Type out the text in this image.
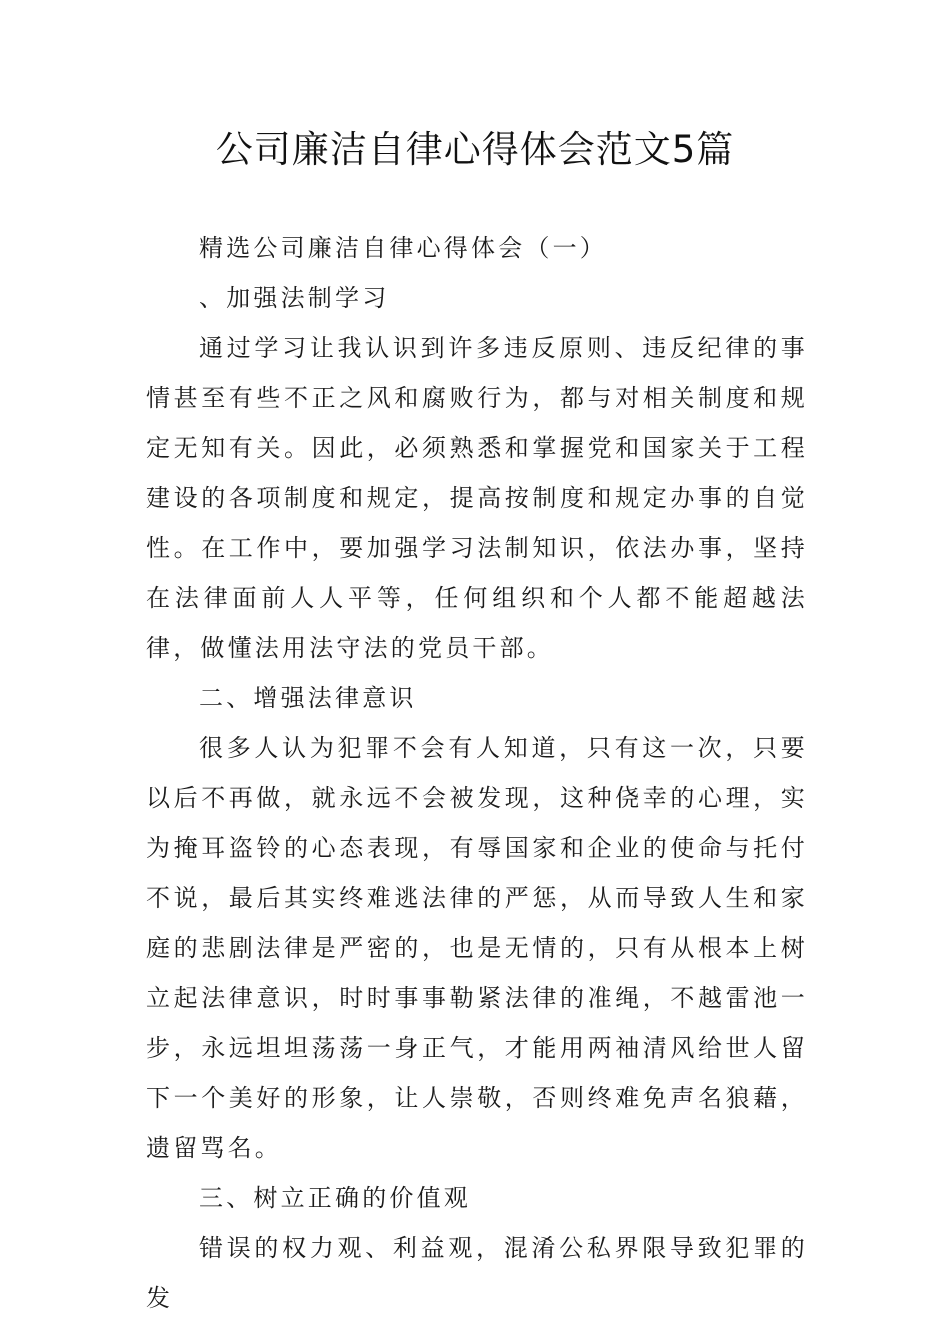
公司廉洁自律心得体会范文5篇

精选公司廉洁自律心得体会（一）

、加强法制学习

通过学习让我认识到许多违反原则、违反纪律的事情甚至有些不正之风和腐败行为，都与对相关制度和规定无知有关。因此，必须熟悉和掌握党和国家关于工程建设的各项制度和规定，提高按制度和规定办事的自觉性。在工作中，要加强学习法制知识，依法办事，坚持在法律面前人人平等，任何组织和个人都不能超越法律，做懂法用法守法的党员干部。

二、增强法律意识

很多人认为犯罪不会有人知道，只有这一次，只要以后不再做，就永远不会被发现，这种侥幸的心理，实为掩耳盗铃的心态表现，有辱国家和企业的使命与托付不说，最后其实终难逃法律的严惩，从而导致人生和家庭的悲剧法律是严密的，也是无情的，只有从根本上树立起法律意识，时时事事勒紧法律的准绳，不越雷池一步，永远坦坦荡荡一身正气，才能用两袖清风给世人留下一个美好的形象，让人崇敬，否则终难免声名狼藉，遗留骂名。

三、树立正确的价值观

错误的权力观、利益观，混淆公私界限导致犯罪的发
